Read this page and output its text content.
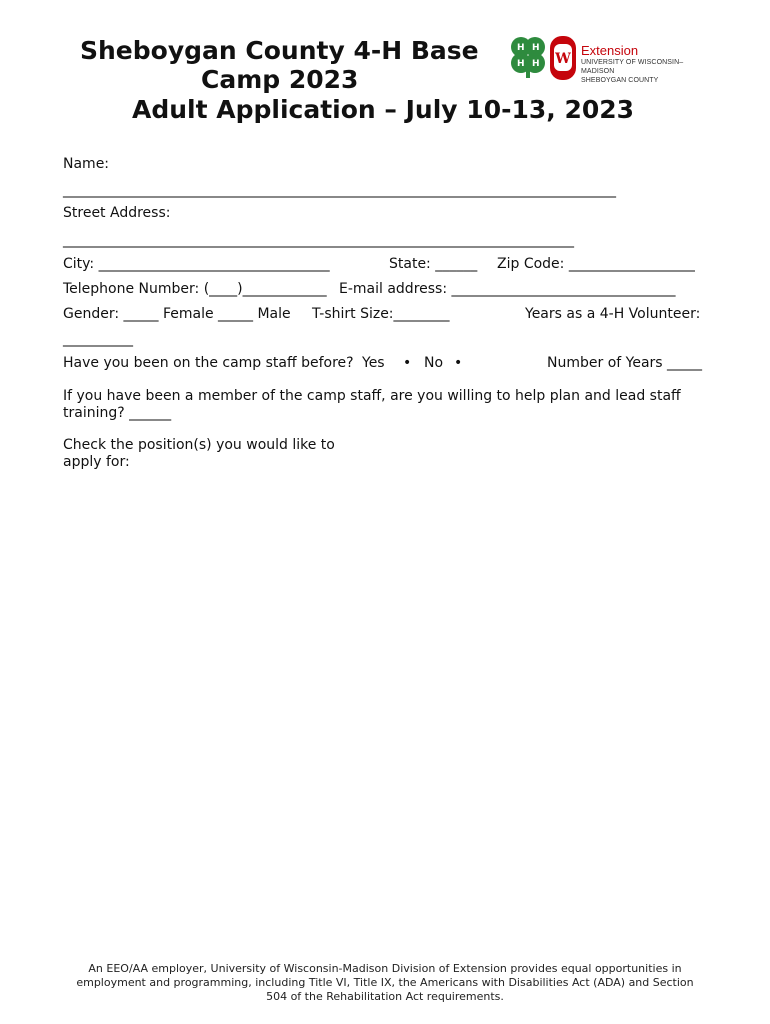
Sheboygan County 4-H Base
Camp 2023
Adult Application – July 10-13, 2023
H H
H H W
Extension
UNIVERSITY OF WISCONSIN–MADISON
SHEBOYGAN COUNTY
Name:
_______________________________________________________________________________
Street Address:
_________________________________________________________________________
City: _________________________________	State: ______ Zip Code: __________________
Telephone Number: (____)____________ E-mail address: ________________________________
Gender: _____ Female _____ Male T-shirt Size:________	Years as a 4-H Volunteer:
__________
Have you been on the camp staff before? Yes • No •	Number of Years _____
If you have been a member of the camp staff, are you willing to help plan and lead staff training? ______
Check the position(s) you would like to
apply for:
An EEO/AA employer, University of Wisconsin-Madison Division of Extension provides equal opportunities in
employment and programming, including Title VI, Title IX, the Americans with Disabilities Act (ADA) and Section
504 of the Rehabilitation Act requirements.
